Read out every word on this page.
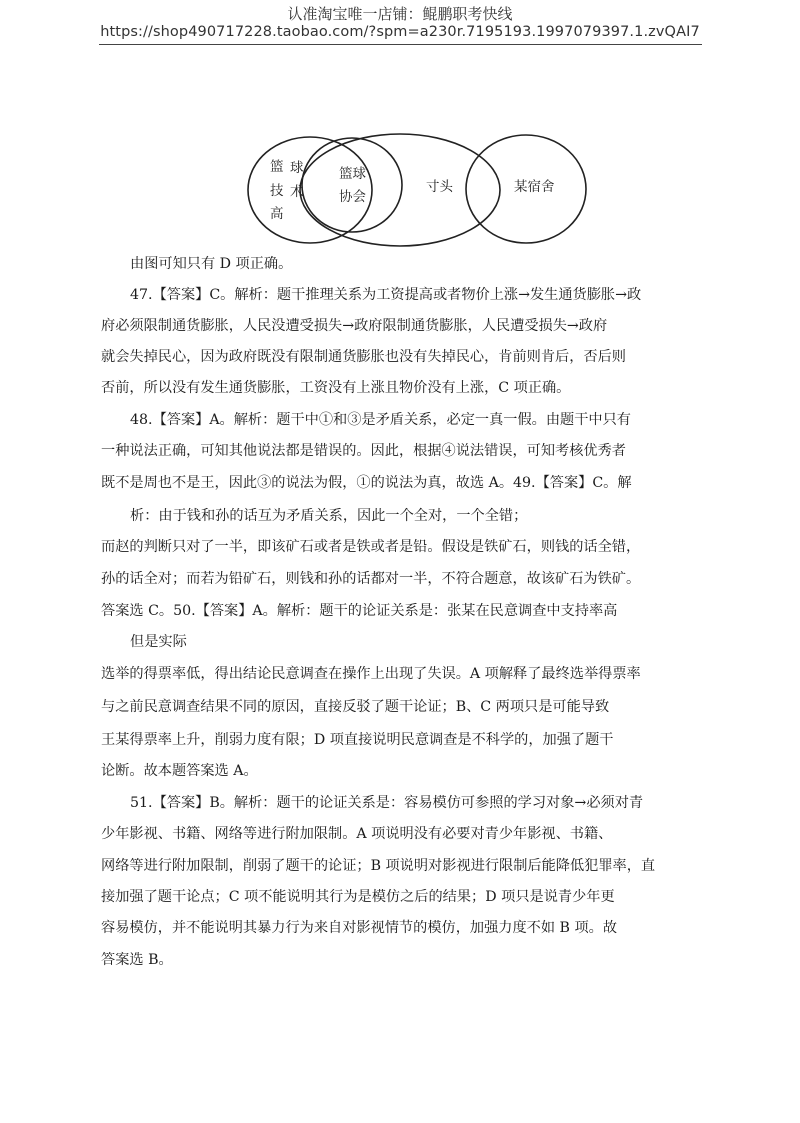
认准淘宝唯一店铺：鲲鹏职考快线
https://shop490717228.taobao.com/?spm=a230r.7195193.1997079397.1.zvQAI7
篮 球
技 术
高
篮球
协会
寸头	某宿舍
由图可知只有 D 项正确。
47.【答案】C。解析：题干推理关系为工资提高或者物价上涨→发生通货膨胀→政
府必须限制通货膨胀，人民没遭受损失→政府限制通货膨胀，人民遭受损失→政府
就会失掉民心，因为政府既没有限制通货膨胀也没有失掉民心，肯前则肯后，否后则
否前，所以没有发生通货膨胀，工资没有上涨且物价没有上涨，C 项正确。
48.【答案】A。解析：题干中①和③是矛盾关系，必定一真一假。由题干中只有
一种说法正确，可知其他说法都是错误的。因此，根据④说法错误，可知考核优秀者
既不是周也不是王，因此③的说法为假，①的说法为真，故选 A。49.【答案】C。解
析：由于钱和孙的话互为矛盾关系，因此一个全对，一个全错；
而赵的判断只对了一半，即该矿石或者是铁或者是铅。假设是铁矿石，则钱的话全错，
孙的话全对；而若为铅矿石，则钱和孙的话都对一半，不符合题意，故该矿石为铁矿。
答案选 C。50.【答案】A。解析：题干的论证关系是：张某在民意调查中支持率高
但是实际
选举的得票率低，得出结论民意调查在操作上出现了失误。A 项解释了最终选举得票率
与之前民意调查结果不同的原因，直接反驳了题干论证；B、C 两项只是可能导致
王某得票率上升，削弱力度有限；D 项直接说明民意调查是不科学的，加强了题干
论断。故本题答案选 A。
51.【答案】B。解析：题干的论证关系是：容易模仿可参照的学习对象→必须对青
少年影视、书籍、网络等进行附加限制。A 项说明没有必要对青少年影视、书籍、
网络等进行附加限制，削弱了题干的论证；B 项说明对影视进行限制后能降低犯罪率，直
接加强了题干论点；C 项不能说明其行为是模仿之后的结果；D 项只是说青少年更
容易模仿，并不能说明其暴力行为来自对影视情节的模仿，加强力度不如 B 项。故
答案选 B。
